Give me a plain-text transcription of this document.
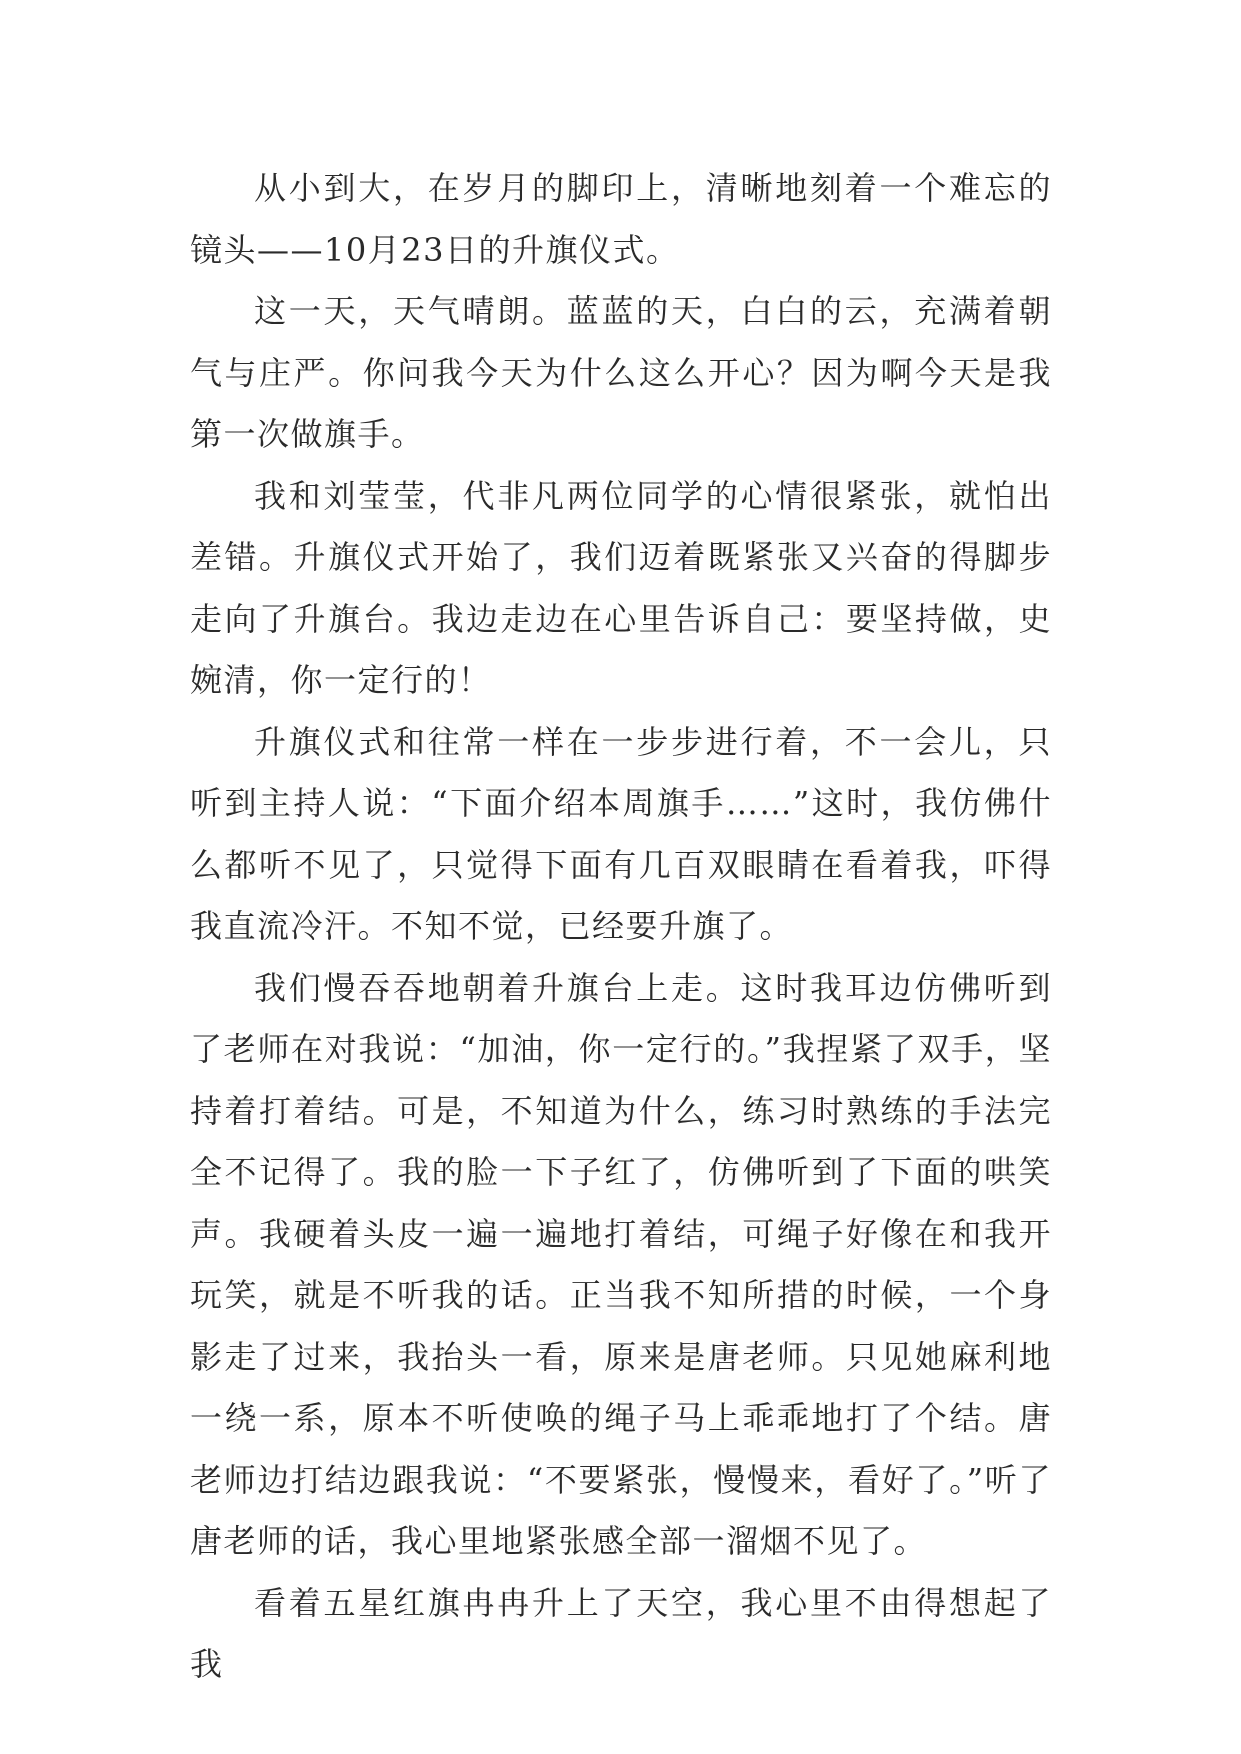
从小到大，在岁月的脚印上，清晰地刻着一个难忘的镜头——10月23日的升旗仪式。

这一天，天气晴朗。蓝蓝的天，白白的云，充满着朝气与庄严。你问我今天为什么这么开心？因为啊今天是我第一次做旗手。

我和刘莹莹，代非凡两位同学的心情很紧张，就怕出差错。升旗仪式开始了，我们迈着既紧张又兴奋的得脚步走向了升旗台。我边走边在心里告诉自己：要坚持做，史婉清，你一定行的！

升旗仪式和往常一样在一步步进行着，不一会儿，只听到主持人说：“下面介绍本周旗手……”这时，我仿佛什么都听不见了，只觉得下面有几百双眼睛在看着我，吓得我直流冷汗。不知不觉，已经要升旗了。

我们慢吞吞地朝着升旗台上走。这时我耳边仿佛听到了老师在对我说：“加油，你一定行的。”我捏紧了双手，坚持着打着结。可是，不知道为什么，练习时熟练的手法完全不记得了。我的脸一下子红了，仿佛听到了下面的哄笑声。我硬着头皮一遍一遍地打着结，可绳子好像在和我开玩笑，就是不听我的话。正当我不知所措的时候，一个身影走了过来，我抬头一看，原来是唐老师。只见她麻利地一绕一系，原本不听使唤的绳子马上乖乖地打了个结。唐老师边打结边跟我说：“不要紧张，慢慢来，看好了。”听了唐老师的话，我心里地紧张感全部一溜烟不见了。

看着五星红旗冉冉升上了天空，我心里不由得想起了我
